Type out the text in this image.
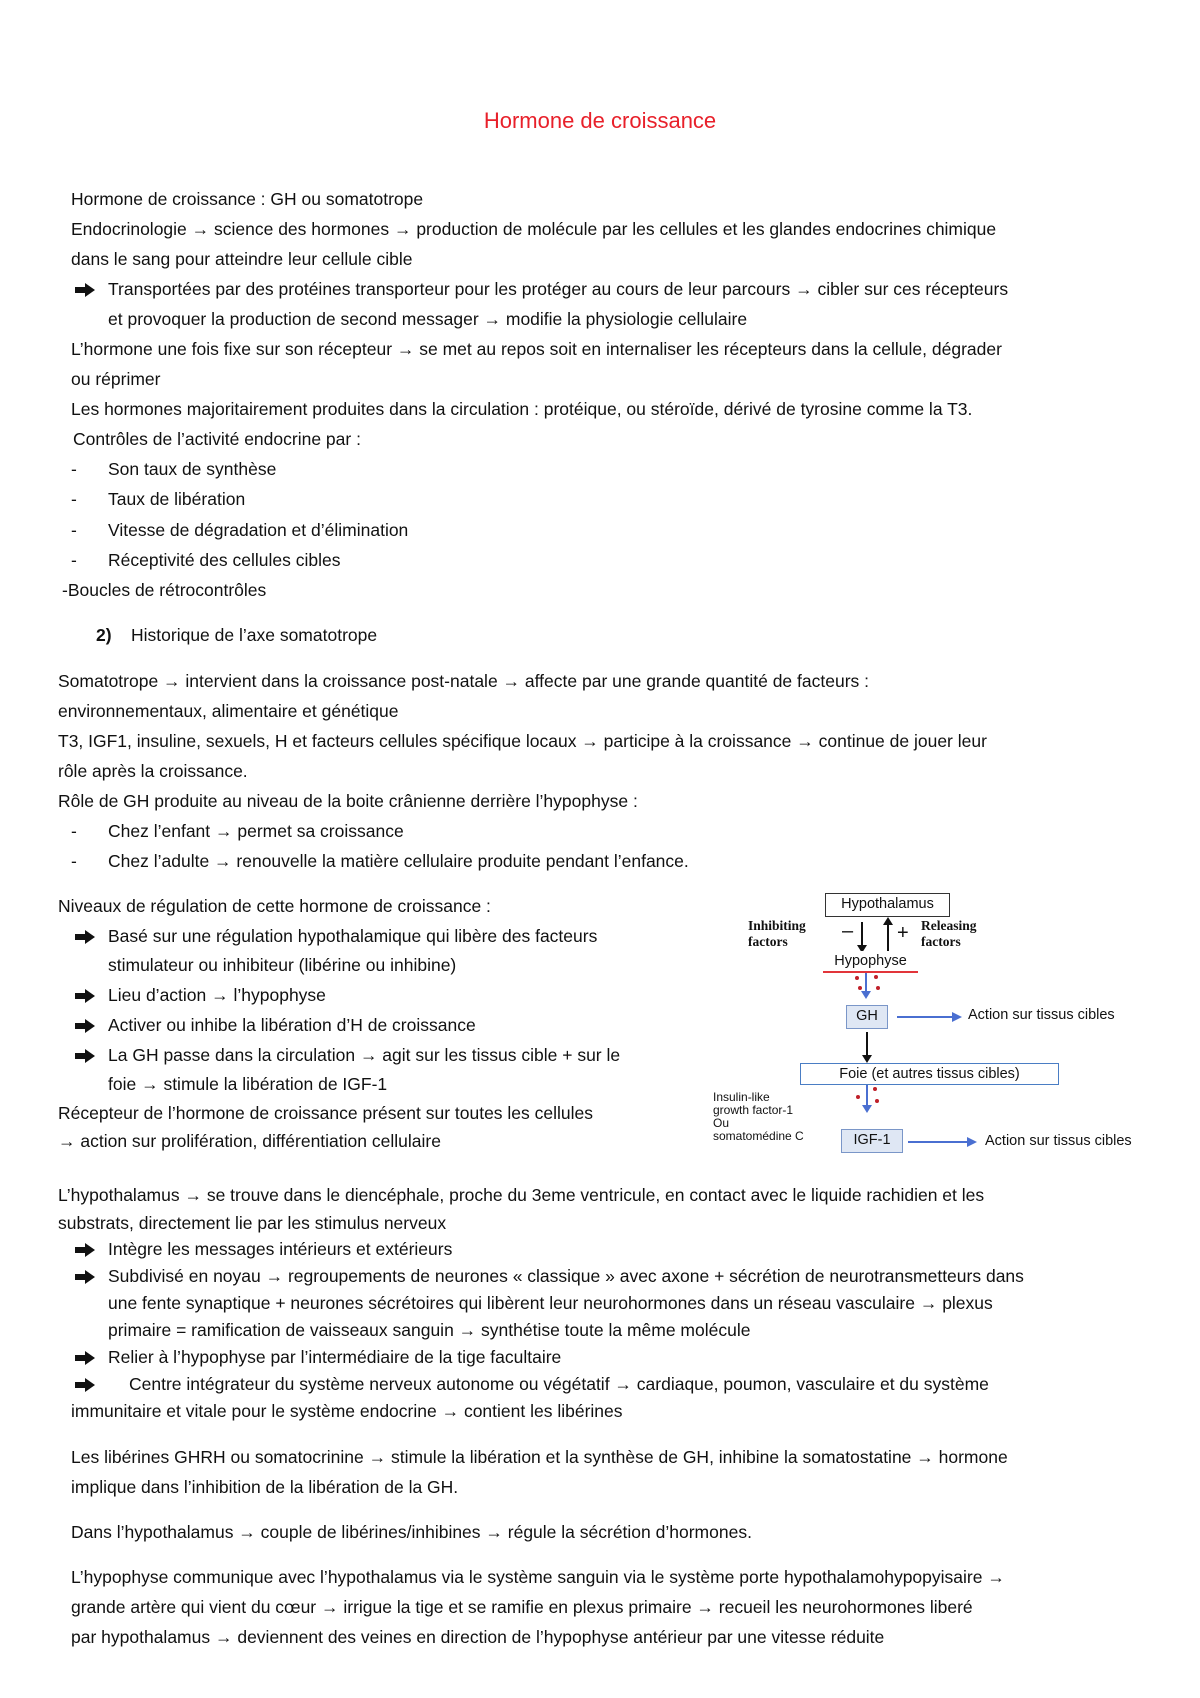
Hormone de croissance
Hormone de croissance : GH ou somatotrope
Endocrinologie → science des hormones → production de molécule par les cellules et les glandes endocrines chimique
dans le sang pour atteindre leur cellule cible
Transportées par des protéines transporteur pour les protéger au cours de leur parcours → cibler sur ces récepteurs
et provoquer la production de second messager → modifie la physiologie cellulaire
L’hormone une fois fixe sur son récepteur → se met au repos soit en internaliser les récepteurs dans la cellule, dégrader
ou réprimer
Les hormones majoritairement produites dans la circulation : protéique, ou stéroïde, dérivé de tyrosine comme la T3.
Contrôles de l’activité endocrine par :
- Son taux de synthèse
- Taux de libération
- Vitesse de dégradation et d’élimination
- Réceptivité des cellules cibles
-Boucles de rétrocontrôles
2) Historique de l’axe somatotrope
Somatotrope → intervient dans la croissance post-natale → affecte par une grande quantité de facteurs :
environnementaux, alimentaire et génétique
T3, IGF1, insuline, sexuels, H et facteurs cellules spécifique locaux → participe à la croissance → continue de jouer leur
rôle après la croissance.
Rôle de GH produite au niveau de la boite crânienne derrière l’hypophyse :
- Chez l’enfant → permet sa croissance
- Chez l’adulte → renouvelle la matière cellulaire produite pendant l’enfance.
Niveaux de régulation de cette hormone de croissance :
Basé sur une régulation hypothalamique qui libère des facteurs
stimulateur ou inhibiteur (libérine ou inhibine)
Lieu d’action → l’hypophyse
Activer ou inhibe la libération d’H de croissance
La GH passe dans la circulation → agit sur les tissus cible + sur le
foie → stimule la libération de IGF-1
Récepteur de l’hormone de croissance présent sur toutes les cellules
→ action sur prolifération, différentiation cellulaire
Hypothalamus
Inhibiting
factors	– + Releasing
factors
Hypophyse
GH	Action sur tissus cibles
Foie (et autres tissus cibles)
Insulin-like
growth factor-1
Ou
somatomédine C	IGF-1	Action sur tissus cibles
L’hypothalamus → se trouve dans le diencéphale, proche du 3eme ventricule, en contact avec le liquide rachidien et les
substrats, directement lie par les stimulus nerveux
Intègre les messages intérieurs et extérieurs
Subdivisé en noyau → regroupements de neurones « classique » avec axone + sécrétion de neurotransmetteurs dans
une fente synaptique + neurones sécrétoires qui libèrent leur neurohormones dans un réseau vasculaire → plexus
primaire = ramification de vaisseaux sanguin → synthétise toute la même molécule
Relier à l’hypophyse par l’intermédiaire de la tige facultaire
Centre intégrateur du système nerveux autonome ou végétatif → cardiaque, poumon, vasculaire et du système
immunitaire et vitale pour le système endocrine → contient les libérines
Les libérines GHRH ou somatocrinine → stimule la libération et la synthèse de GH, inhibine la somatostatine → hormone
implique dans l’inhibition de la libération de la GH.
Dans l’hypothalamus → couple de libérines/inhibines → régule la sécrétion d’hormones.
L’hypophyse communique avec l’hypothalamus via le système sanguin via le système porte hypothalamohypopyisaire →
grande artère qui vient du cœur → irrigue la tige et se ramifie en plexus primaire → recueil les neurohormones liberé
par hypothalamus → deviennent des veines en direction de l’hypophyse antérieur par une vitesse réduite
